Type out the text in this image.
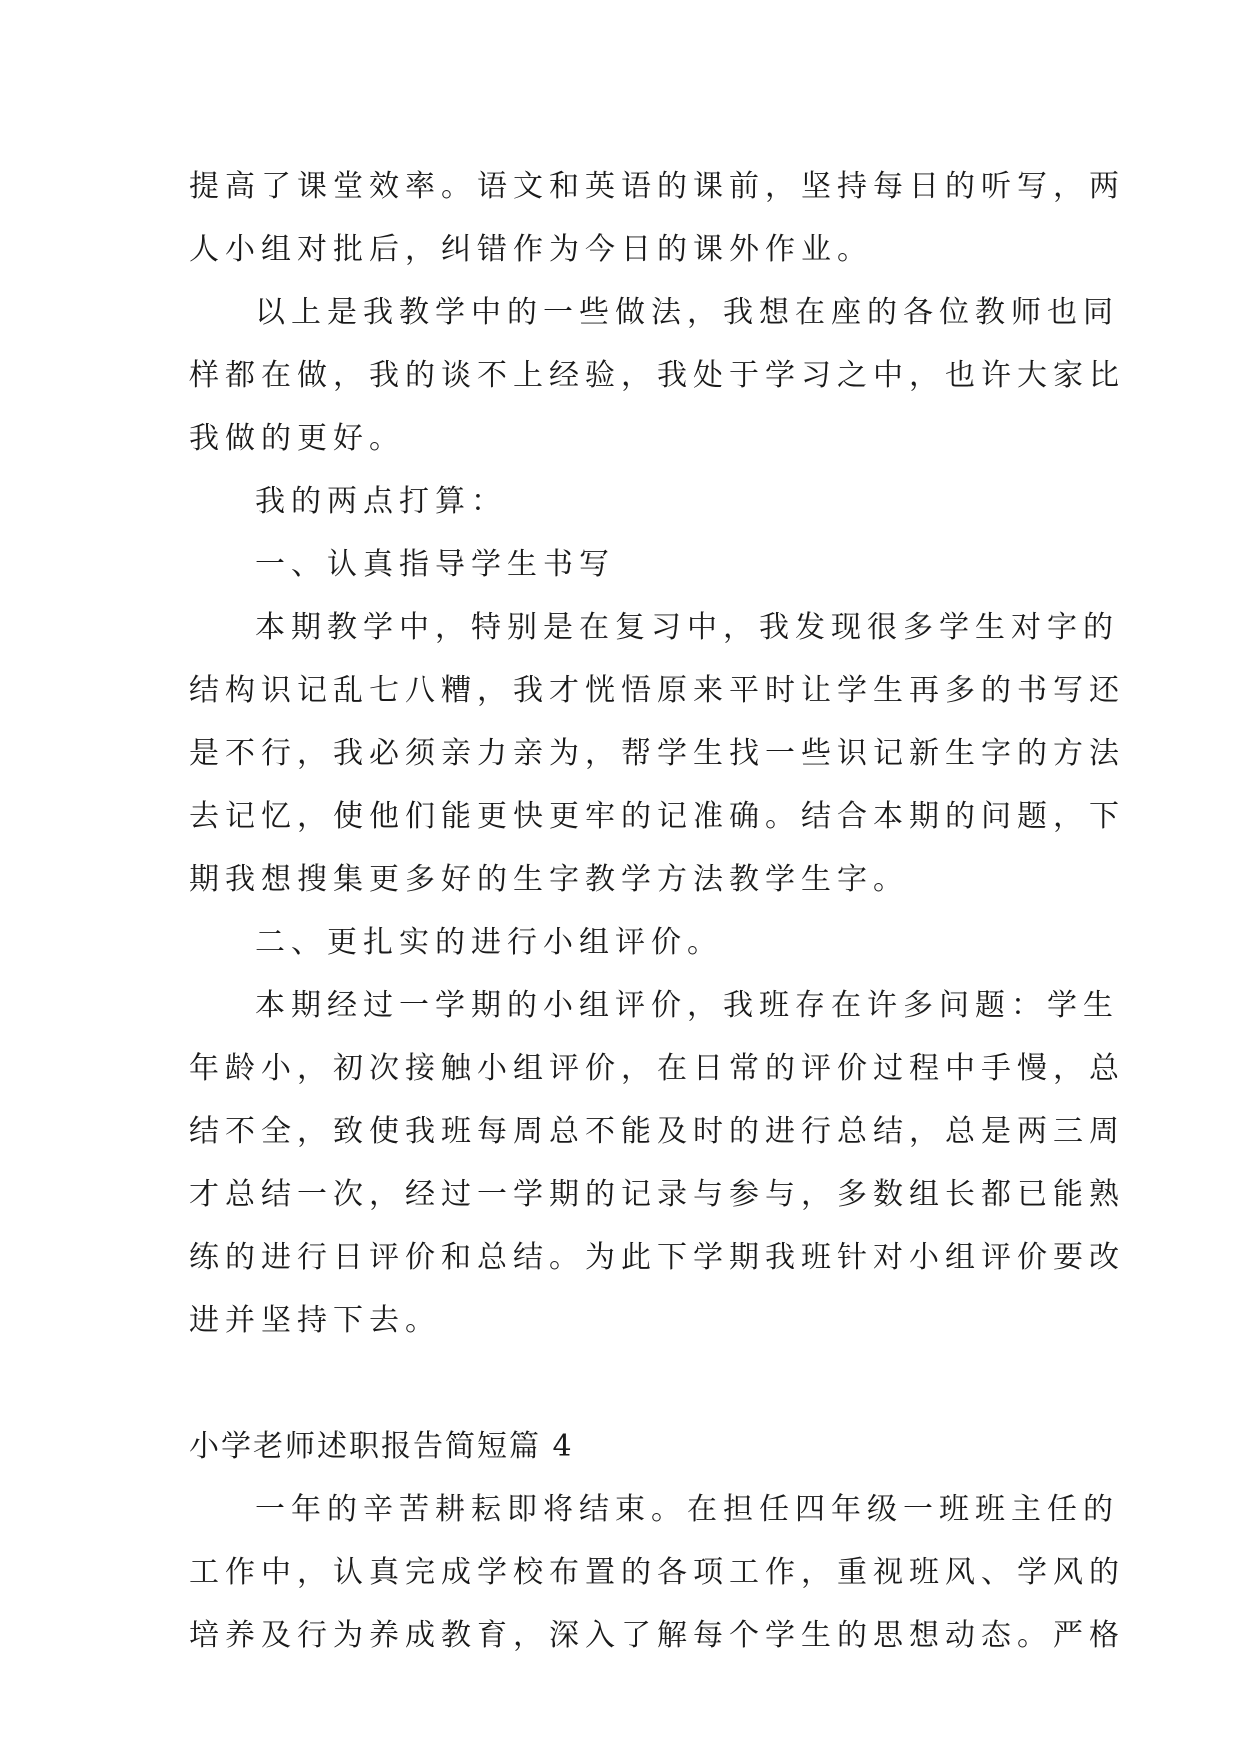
提高了课堂效率。语文和英语的课前，坚持每日的听写，两
人小组对批后，纠错作为今日的课外作业。
以上是我教学中的一些做法，我想在座的各位教师也同
样都在做，我的谈不上经验，我处于学习之中，也许大家比
我做的更好。
我的两点打算：
一、认真指导学生书写
本期教学中，特别是在复习中，我发现很多学生对字的
结构识记乱七八糟，我才恍悟原来平时让学生再多的书写还
是不行，我必须亲力亲为，帮学生找一些识记新生字的方法
去记忆，使他们能更快更牢的记准确。结合本期的问题，下
期我想搜集更多好的生字教学方法教学生字。
二、更扎实的进行小组评价。
本期经过一学期的小组评价，我班存在许多问题：学生
年龄小，初次接触小组评价，在日常的评价过程中手慢，总
结不全，致使我班每周总不能及时的进行总结，总是两三周
才总结一次，经过一学期的记录与参与，多数组长都已能熟
练的进行日评价和总结。为此下学期我班针对小组评价要改
进并坚持下去。
小学老师述职报告简短篇 4
一年的辛苦耕耘即将结束。在担任四年级一班班主任的
工作中，认真完成学校布置的各项工作，重视班风、学风的
培养及行为养成教育，深入了解每个学生的思想动态。严格
